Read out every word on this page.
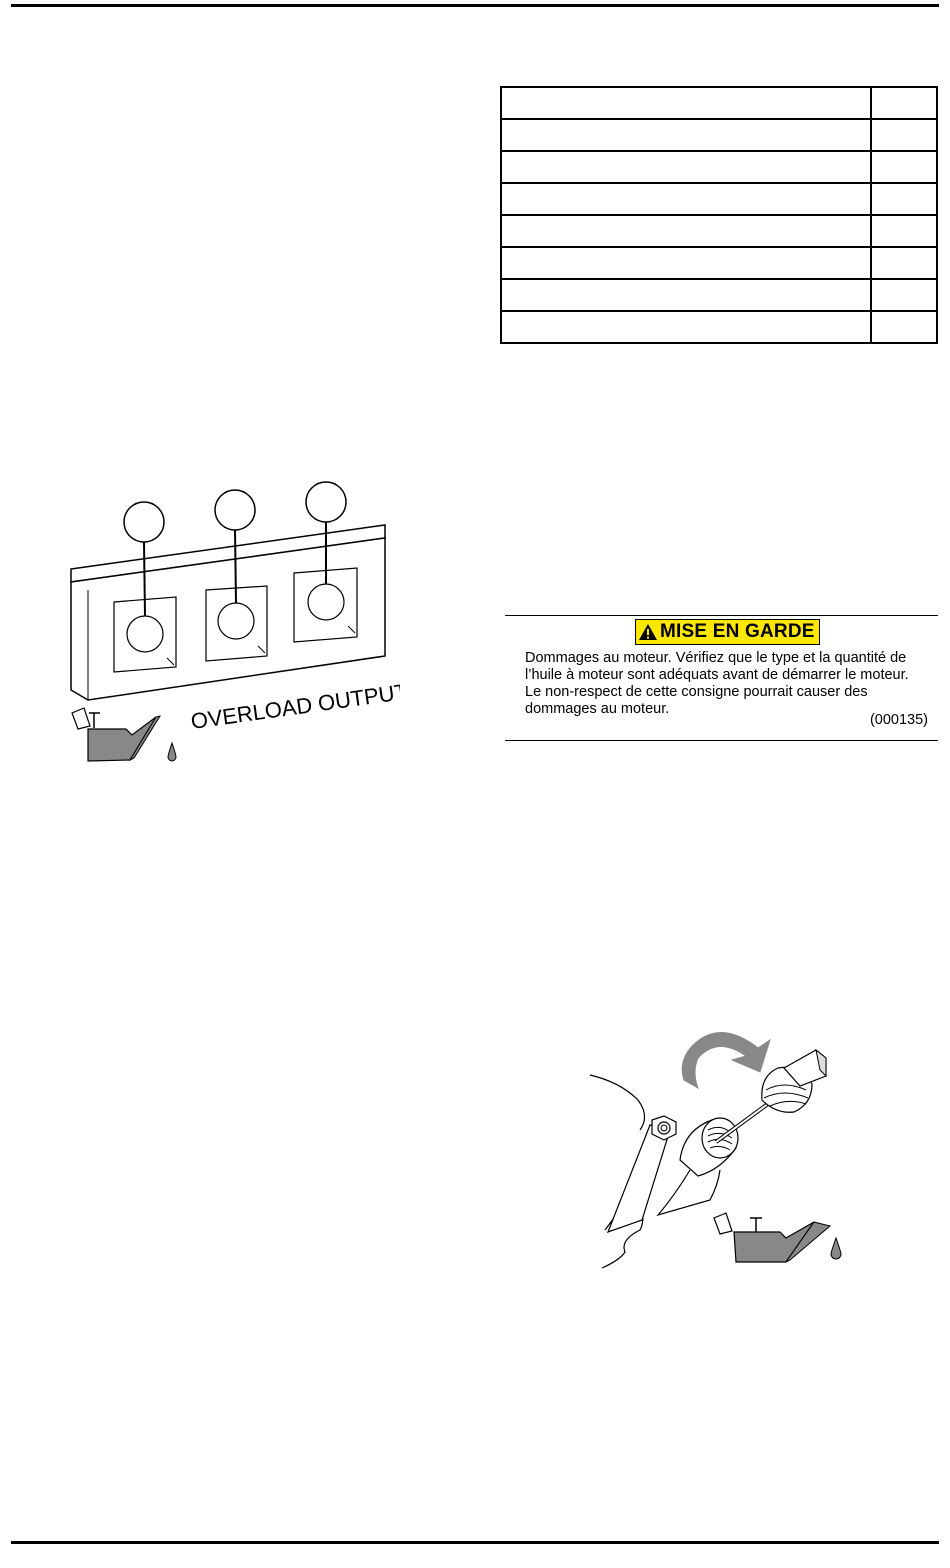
OVERLOAD OUTPUT
MISE EN GARDE
Dommages au moteur. Vérifiez que le type et la quantité de l’huile à moteur sont adéquats avant de démarrer le moteur. Le non-respect de cette consigne pourrait causer des dommages au moteur.
(000135)
